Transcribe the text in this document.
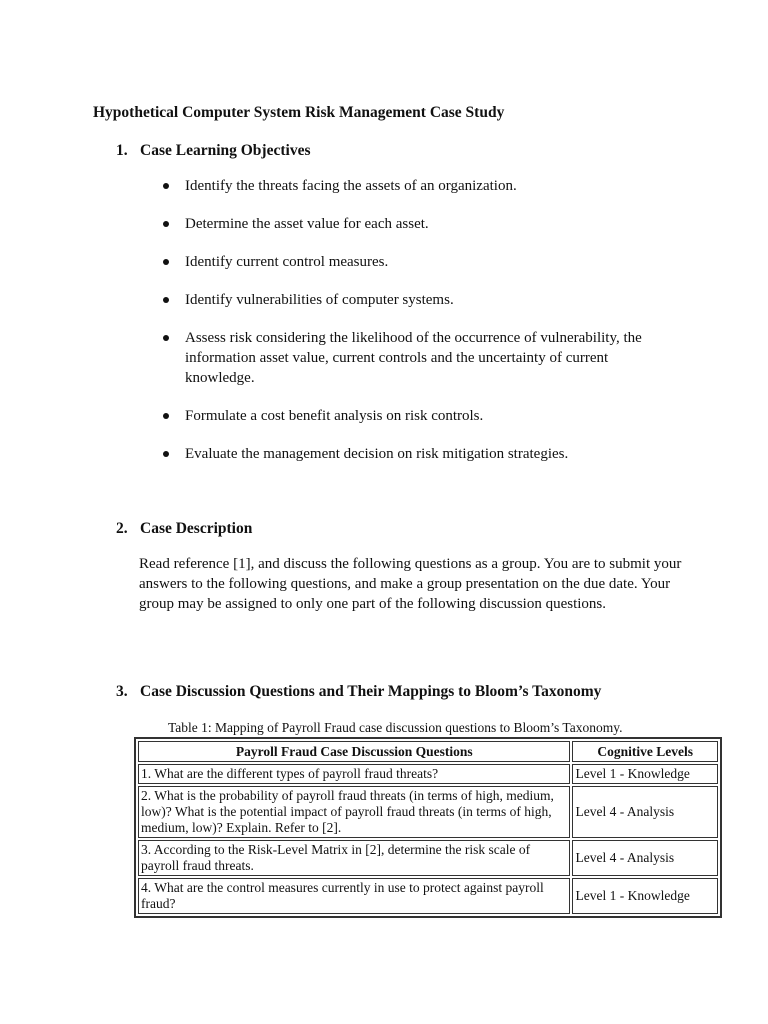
Hypothetical Computer System Risk Management Case Study
1. Case Learning Objectives
Identify the threats facing the assets of an organization.
Determine the asset value for each asset.
Identify current control measures.
Identify vulnerabilities of computer systems.
Assess risk considering the likelihood of the occurrence of vulnerability, the information asset value, current controls and the uncertainty of current knowledge.
Formulate a cost benefit analysis on risk controls.
Evaluate the management decision on risk mitigation strategies.
2. Case Description

Read reference [1], and discuss the following questions as a group. You are to submit your answers to the following questions, and make a group presentation on the due date. Your group may be assigned to only one part of the following discussion questions.

3. Case Discussion Questions and Their Mappings to Bloom’s Taxonomy

Table 1: Mapping of Payroll Fraud case discussion questions to Bloom’s Taxonomy.

Payroll Fraud Case Discussion Questions	Cognitive Levels
1. What are the different types of payroll fraud threats?	Level 1 - Knowledge
2. What is the probability of payroll fraud threats (in terms of high, medium, low)? What is the potential impact of payroll fraud threats (in terms of high, medium, low)? Explain. Refer to [2].	Level 4 - Analysis
3. According to the Risk-Level Matrix in [2], determine the risk scale of payroll fraud threats.	Level 4 - Analysis
4. What are the control measures currently in use to protect against payroll fraud?	Level 1 - Knowledge
